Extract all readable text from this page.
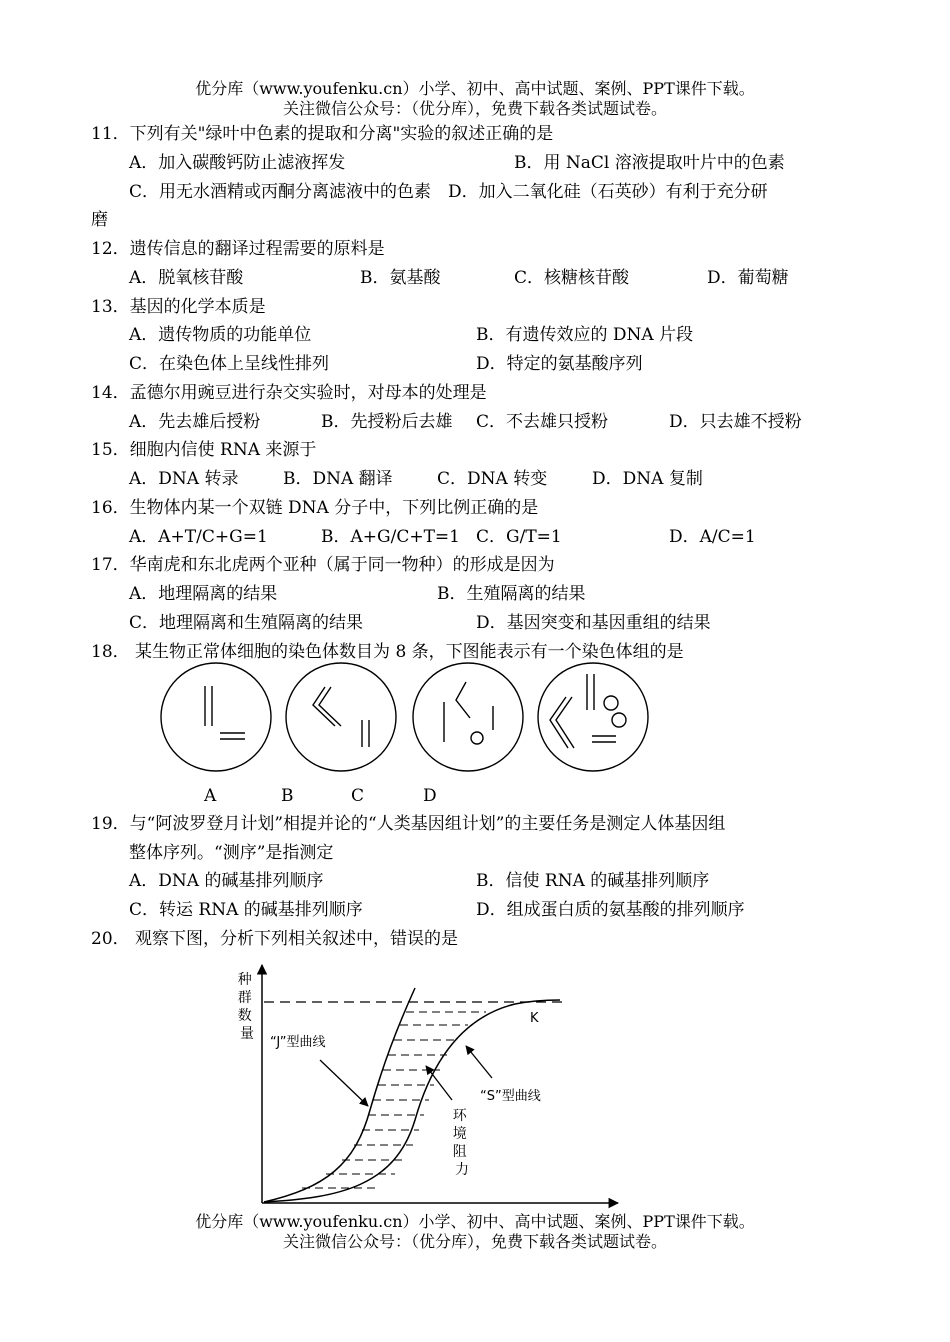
优分库（www.youfenku.cn）小学、初中、高中试题、案例、PPT课件下载。
关注微信公众号：（优分库），免费下载各类试题试卷。
11．下列有关"绿叶中色素的提取和分离"实验的叙述正确的是
A．加入碳酸钙防止滤液挥发	B．用 NaCl 溶液提取叶片中的色素
C．用无水酒精或丙酮分离滤液中的色素　D．加入二氧化硅（石英砂）有利于充分研
磨
12．遗传信息的翻译过程需要的原料是
A．脱氧核苷酸	B．氨基酸	C．核糖核苷酸	D．葡萄糖
13．基因的化学本质是
A．遗传物质的功能单位	B．有遗传效应的 DNA 片段
C．在染色体上呈线性排列	D．特定的氨基酸序列
14．孟德尔用豌豆进行杂交实验时，对母本的处理是
A．先去雄后授粉	B．先授粉后去雄 C．不去雄只授粉	D．只去雄不授粉
15．细胞内信使 RNA 来源于
A．DNA 转录	B．DNA 翻译	C．DNA 转变	D．DNA 复制
16．生物体内某一个双链 DNA 分子中，下列比例正确的是
A．A+T/C+G=1	B．A+G/C+T=1 C．G/T=1	D．A/C=1
17．华南虎和东北虎两个亚种（属于同一物种）的形成是因为
A．地理隔离的结果	B．生殖隔离的结果
C．地理隔离和生殖隔离的结果	D．基因突变和基因重组的结果
18． 某生物正常体细胞的染色体数目为 8 条，下图能表示有一个染色体组的是
A	B	C	D
19．与“阿波罗登月计划”相提并论的“人类基因组计划”的主要任务是测定人体基因组
整体序列。“测序”是指测定
A．DNA 的碱基排列顺序	B．信使 RNA 的碱基排列顺序
C．转运 RNA 的碱基排列顺序	D．组成蛋白质的氨基酸的排列顺序
20． 观察下图，分析下列相关叙述中，错误的是
种 群 数 量
K
“J”型曲线
“S”型曲线
环 境 阻 力
优分库（www.youfenku.cn）小学、初中、高中试题、案例、PPT课件下载。
关注微信公众号：（优分库），免费下载各类试题试卷。
